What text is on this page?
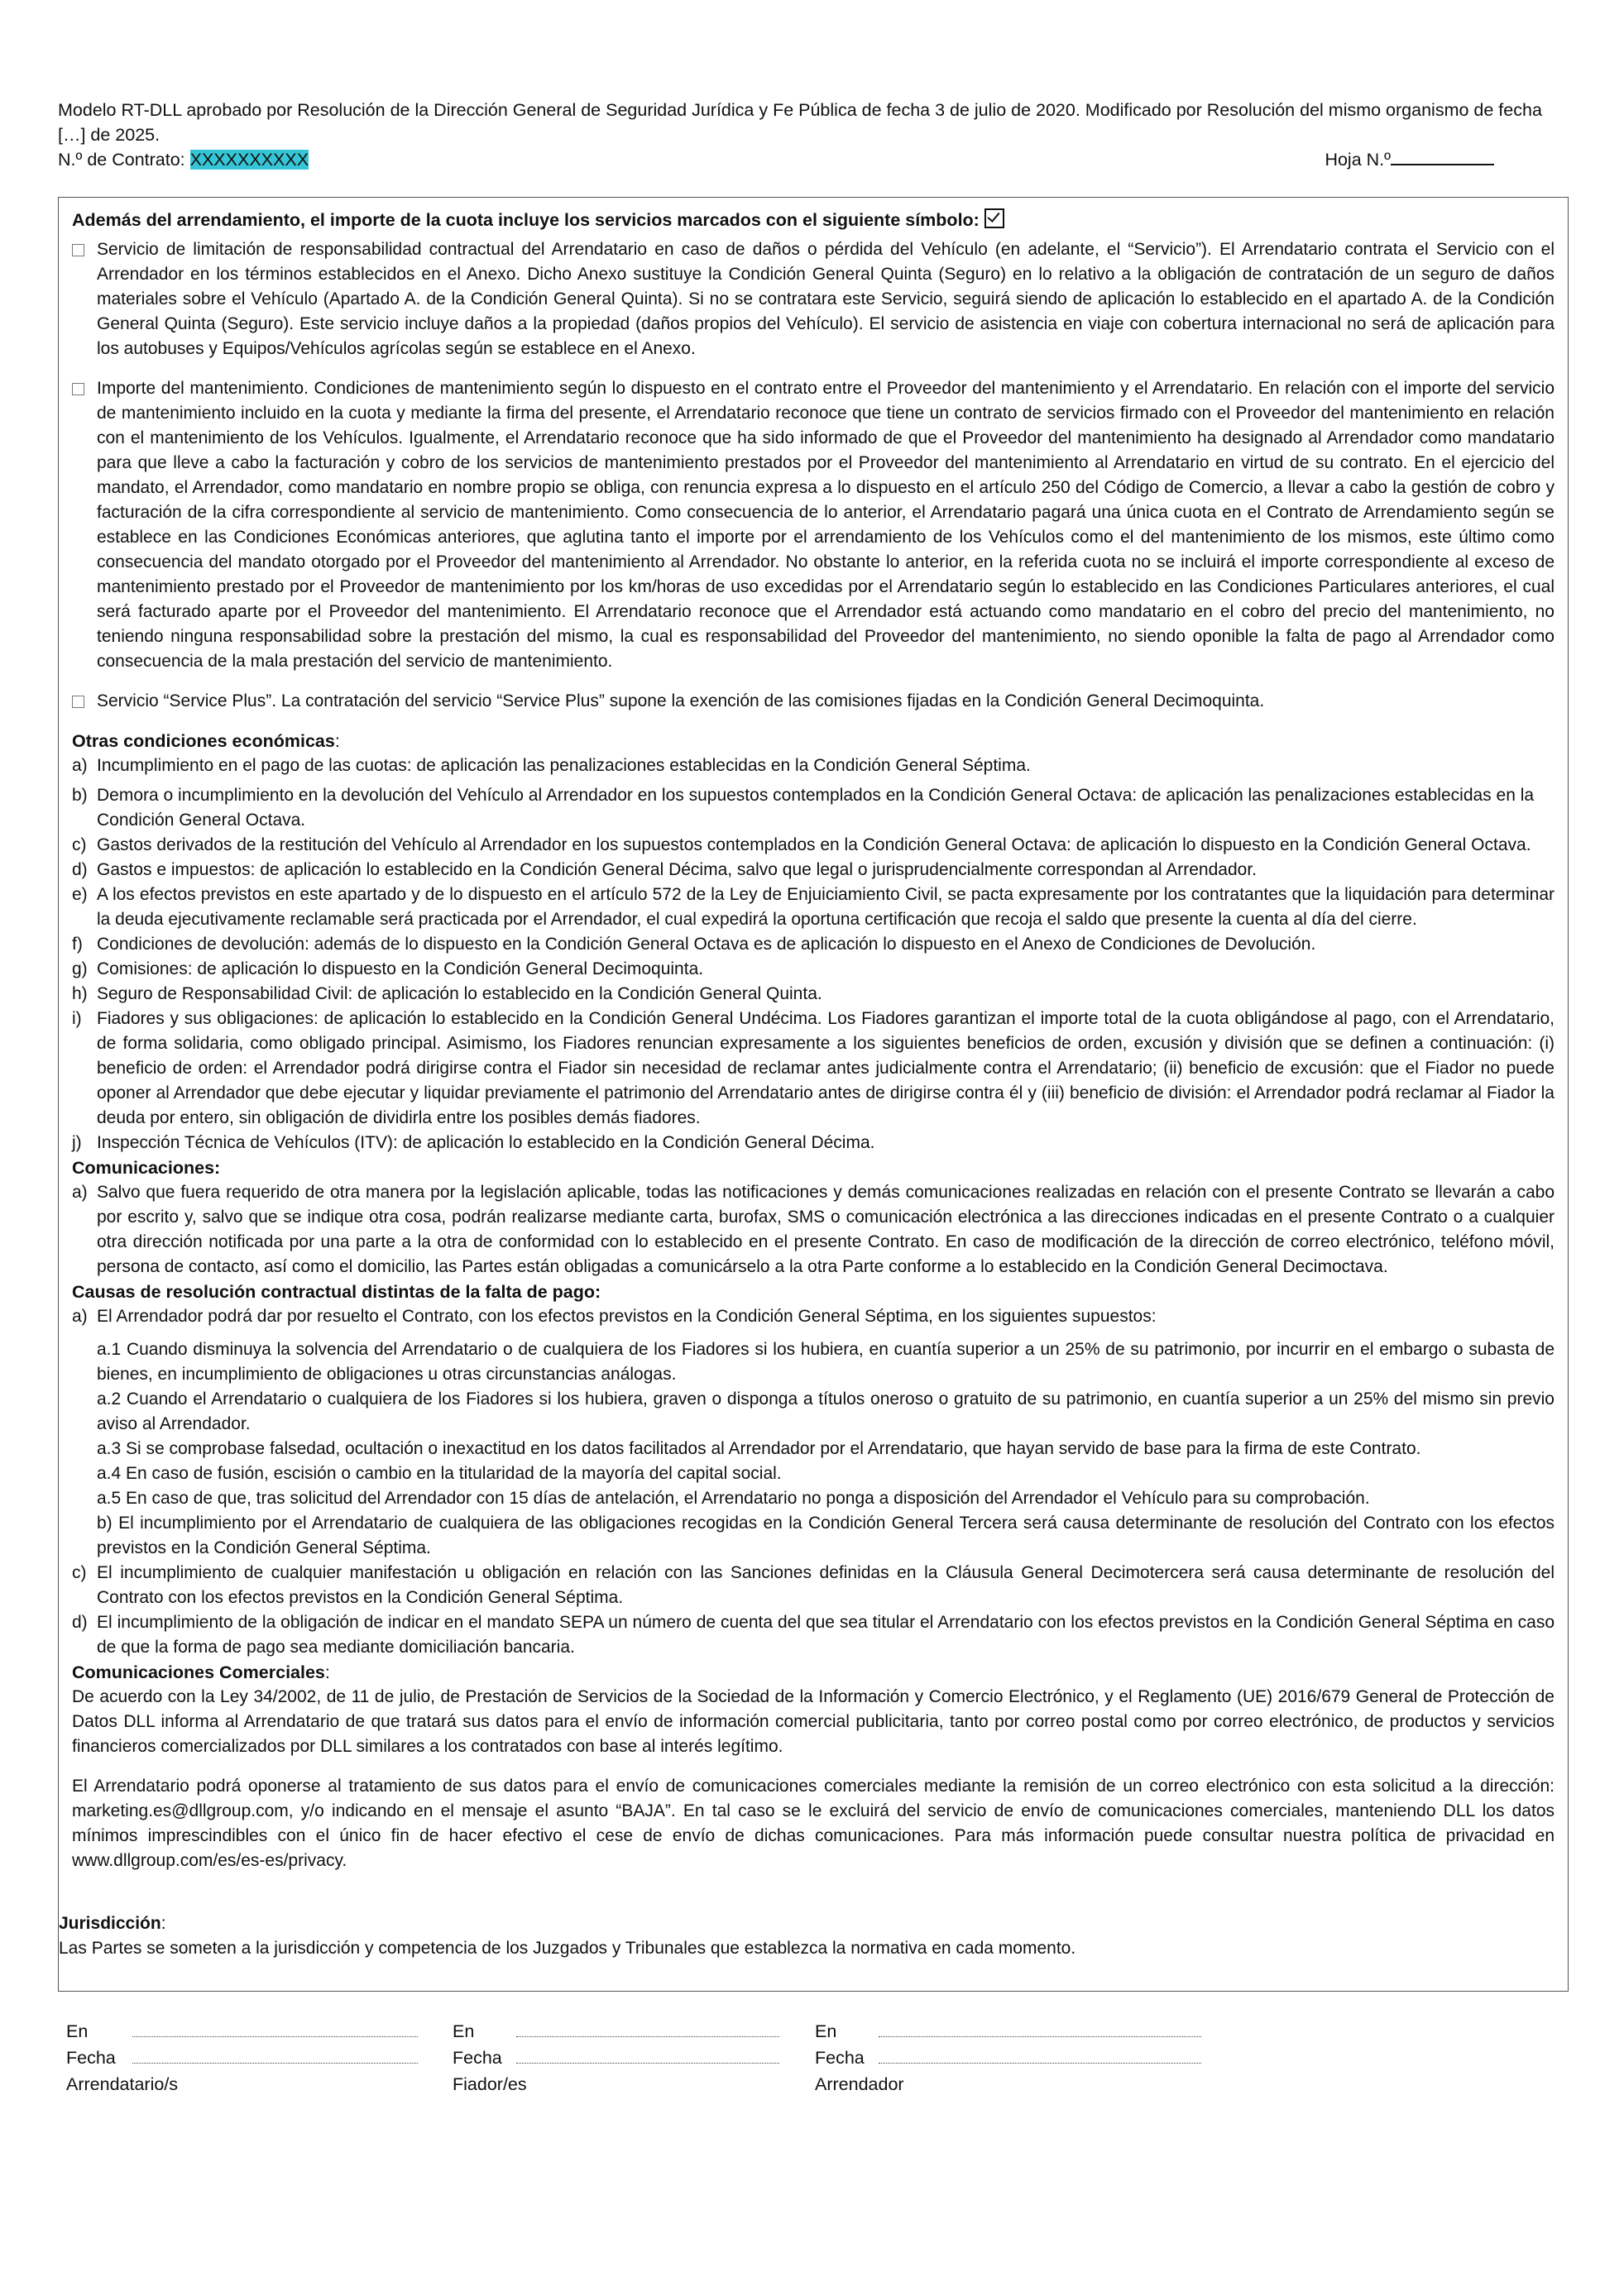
Modelo RT-DLL aprobado por Resolución de la Dirección General de Seguridad Jurídica y Fe Pública de fecha 3 de julio de 2020. Modificado por Resolución del mismo organismo de fecha
[…] de 2025.
N.º de Contrato: XXXXXXXXXX	Hoja N.º
Además del arrendamiento, el importe de la cuota incluye los servicios marcados con el siguiente símbolo:
Servicio de limitación de responsabilidad contractual del Arrendatario en caso de daños o pérdida del Vehículo (en adelante, el “Servicio”). El Arrendatario contrata el Servicio con el Arrendador en los términos establecidos en el Anexo. Dicho Anexo sustituye la Condición General Quinta (Seguro) en lo relativo a la obligación de contratación de un seguro de daños materiales sobre el Vehículo (Apartado A. de la Condición General Quinta). Si no se contratara este Servicio, seguirá siendo de aplicación lo establecido en el apartado A. de la Condición General Quinta (Seguro). Este servicio incluye daños a la propiedad (daños propios del Vehículo). El servicio de asistencia en viaje con cobertura internacional no será de aplicación para los autobuses y Equipos/Vehículos agrícolas según se establece en el Anexo.
Importe del mantenimiento. Condiciones de mantenimiento según lo dispuesto en el contrato entre el Proveedor del mantenimiento y el Arrendatario. En relación con el importe del servicio de mantenimiento incluido en la cuota y mediante la firma del presente, el Arrendatario reconoce que tiene un contrato de servicios firmado con el Proveedor del mantenimiento en relación con el mantenimiento de los Vehículos. Igualmente, el Arrendatario reconoce que ha sido informado de que el Proveedor del mantenimiento ha designado al Arrendador como mandatario para que lleve a cabo la facturación y cobro de los servicios de mantenimiento prestados por el Proveedor del mantenimiento al Arrendatario en virtud de su contrato. En el ejercicio del mandato, el Arrendador, como mandatario en nombre propio se obliga, con renuncia expresa a lo dispuesto en el artículo 250 del Código de Comercio, a llevar a cabo la gestión de cobro y facturación de la cifra correspondiente al servicio de mantenimiento. Como consecuencia de lo anterior, el Arrendatario pagará una única cuota en el Contrato de Arrendamiento según se establece en las Condiciones Económicas anteriores, que aglutina tanto el importe por el arrendamiento de los Vehículos como el del mantenimiento de los mismos, este último como consecuencia del mandato otorgado por el Proveedor del mantenimiento al Arrendador. No obstante lo anterior, en la referida cuota no se incluirá el importe correspondiente al exceso de mantenimiento prestado por el Proveedor de mantenimiento por los km/horas de uso excedidas por el Arrendatario según lo establecido en las Condiciones Particulares anteriores, el cual será facturado aparte por el Proveedor del mantenimiento. El Arrendatario reconoce que el Arrendador está actuando como mandatario en el cobro del precio del mantenimiento, no teniendo ninguna responsabilidad sobre la prestación del mismo, la cual es responsabilidad del Proveedor del mantenimiento, no siendo oponible la falta de pago al Arrendador como consecuencia de la mala prestación del servicio de mantenimiento.
Servicio “Service Plus”. La contratación del servicio “Service Plus” supone la exención de las comisiones fijadas en la Condición General Decimoquinta.
Otras condiciones económicas:
a) Incumplimiento en el pago de las cuotas: de aplicación las penalizaciones establecidas en la Condición General Séptima.
b) Demora o incumplimiento en la devolución del Vehículo al Arrendador en los supuestos contemplados en la Condición General Octava: de aplicación las penalizaciones establecidas en la Condición General Octava.
c) Gastos derivados de la restitución del Vehículo al Arrendador en los supuestos contemplados en la Condición General Octava: de aplicación lo dispuesto en la Condición General Octava.
d) Gastos e impuestos: de aplicación lo establecido en la Condición General Décima, salvo que legal o jurisprudencialmente correspondan al Arrendador.
e) A los efectos previstos en este apartado y de lo dispuesto en el artículo 572 de la Ley de Enjuiciamiento Civil, se pacta expresamente por los contratantes que la liquidación para determinar la deuda ejecutivamente reclamable será practicada por el Arrendador, el cual expedirá la oportuna certificación que recoja el saldo que presente la cuenta al día del cierre.
f) Condiciones de devolución: además de lo dispuesto en la Condición General Octava es de aplicación lo dispuesto en el Anexo de Condiciones de Devolución.
g) Comisiones: de aplicación lo dispuesto en la Condición General Decimoquinta.
h) Seguro de Responsabilidad Civil: de aplicación lo establecido en la Condición General Quinta.
i) Fiadores y sus obligaciones: de aplicación lo establecido en la Condición General Undécima. Los Fiadores garantizan el importe total de la cuota obligándose al pago, con el Arrendatario, de forma solidaria, como obligado principal. Asimismo, los Fiadores renuncian expresamente a los siguientes beneficios de orden, excusión y división que se definen a continuación: (i) beneficio de orden: el Arrendador podrá dirigirse contra el Fiador sin necesidad de reclamar antes judicialmente contra el Arrendatario; (ii) beneficio de excusión: que el Fiador no puede oponer al Arrendador que debe ejecutar y liquidar previamente el patrimonio del Arrendatario antes de dirigirse contra él y (iii) beneficio de división: el Arrendador podrá reclamar al Fiador la deuda por entero, sin obligación de dividirla entre los posibles demás fiadores.
j) Inspección Técnica de Vehículos (ITV): de aplicación lo establecido en la Condición General Décima.
Comunicaciones:
a) Salvo que fuera requerido de otra manera por la legislación aplicable, todas las notificaciones y demás comunicaciones realizadas en relación con el presente Contrato se llevarán a cabo por escrito y, salvo que se indique otra cosa, podrán realizarse mediante carta, burofax, SMS o comunicación electrónica a las direcciones indicadas en el presente Contrato o a cualquier otra dirección notificada por una parte a la otra de conformidad con lo establecido en el presente Contrato. En caso de modificación de la dirección de correo electrónico, teléfono móvil, persona de contacto, así como el domicilio, las Partes están obligadas a comunicárselo a la otra Parte conforme a lo establecido en la Condición General Decimoctava.
Causas de resolución contractual distintas de la falta de pago:
a) El Arrendador podrá dar por resuelto el Contrato, con los efectos previstos en la Condición General Séptima, en los siguientes supuestos:
a.1 Cuando disminuya la solvencia del Arrendatario o de cualquiera de los Fiadores si los hubiera, en cuantía superior a un 25% de su patrimonio, por incurrir en el embargo o subasta de bienes, en incumplimiento de obligaciones u otras circunstancias análogas.
a.2 Cuando el Arrendatario o cualquiera de los Fiadores si los hubiera, graven o disponga a títulos oneroso o gratuito de su patrimonio, en cuantía superior a un 25% del mismo sin previo aviso al Arrendador.
a.3 Si se comprobase falsedad, ocultación o inexactitud en los datos facilitados al Arrendador por el Arrendatario, que hayan servido de base para la firma de este Contrato.
a.4 En caso de fusión, escisión o cambio en la titularidad de la mayoría del capital social.
a.5 En caso de que, tras solicitud del Arrendador con 15 días de antelación, el Arrendatario no ponga a disposición del Arrendador el Vehículo para su comprobación.
b) El incumplimiento por el Arrendatario de cualquiera de las obligaciones recogidas en la Condición General Tercera será causa determinante de resolución del Contrato con los efectos previstos en la Condición General Séptima.
c) El incumplimiento de cualquier manifestación u obligación en relación con las Sanciones definidas en la Cláusula General Decimotercera será causa determinante de resolución del Contrato con los efectos previstos en la Condición General Séptima.
d) El incumplimiento de la obligación de indicar en el mandato SEPA un número de cuenta del que sea titular el Arrendatario con los efectos previstos en la Condición General Séptima en caso de que la forma de pago sea mediante domiciliación bancaria.
Comunicaciones Comerciales:
De acuerdo con la Ley 34/2002, de 11 de julio, de Prestación de Servicios de la Sociedad de la Información y Comercio Electrónico, y el Reglamento (UE) 2016/679 General de Protección de Datos DLL informa al Arrendatario de que tratará sus datos para el envío de información comercial publicitaria, tanto por correo postal como por correo electrónico, de productos y servicios financieros comercializados por DLL similares a los contratados con base al interés legítimo.
El Arrendatario podrá oponerse al tratamiento de sus datos para el envío de comunicaciones comerciales mediante la remisión de un correo electrónico con esta solicitud a la dirección: marketing.es@dllgroup.com, y/o indicando en el mensaje el asunto “BAJA”. En tal caso se le excluirá del servicio de envío de comunicaciones comerciales, manteniendo DLL los datos mínimos imprescindibles con el único fin de hacer efectivo el cese de envío de dichas comunicaciones. Para más información puede consultar nuestra política de privacidad en www.dllgroup.com/es/es-es/privacy.
Jurisdicción:
Las Partes se someten a la jurisdicción y competencia de los Juzgados y Tribunales que establezca la normativa en cada momento.
En
Fecha
Arrendatario/s
En
Fecha
Fiador/es
En
Fecha
Arrendador
